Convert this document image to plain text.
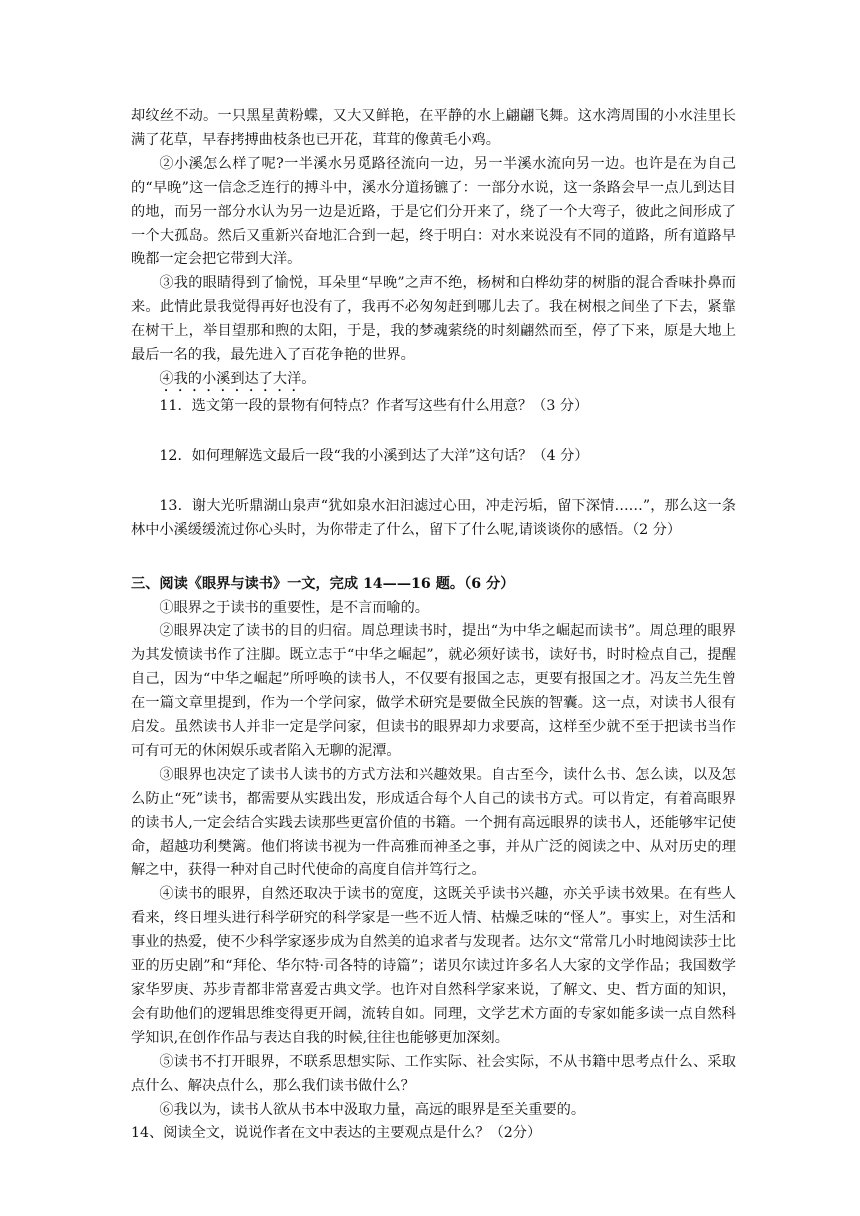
却纹丝不动。一只黑星黄粉蝶，又大又鲜艳，在平静的水上翩翩飞舞。这水湾周围的小水洼里长满了花草，早春拷搏曲枝条也已开花，茸茸的像黄毛小鸡。

②小溪怎么样了呢?一半溪水另觅路径流向一边，另一半溪水流向另一边。也许是在为自己的“早晚”这一信念乏连行的搏斗中，溪水分道扬镳了：一部分水说，这一条路会早一点儿到达目的地，而另一部分水认为另一边是近路，于是它们分开来了，绕了一个大弯子，彼此之间形成了一个大孤岛。然后又重新兴奋地汇合到一起，终于明白：对水来说没有不同的道路，所有道路早晚都一定会把它带到大洋。

③我的眼睛得到了愉悦，耳朵里“早晚”之声不绝，杨树和白桦幼芽的树脂的混合香味扑鼻而来。此情此景我觉得再好也没有了，我再不必匆匆赶到哪儿去了。我在树根之间坐了下去，紧靠在树干上，举目望那和煦的太阳，于是，我的梦魂萦绕的时刻翩然而至，停了下来，原是大地上最后一名的我，最先进入了百花争艳的世界。

④我的小溪到达了大洋。

11．选文第一段的景物有何特点？作者写这些有什么用意？（3 分）

12．如何理解选文最后一段“我的小溪到达了大洋”这句话？（4 分）

13．谢大光听鼎湖山泉声“犹如泉水汩汩滤过心田，冲走污垢，留下深情……”，那么这一条林中小溪缓缓流过你心头时，为你带走了什么，留下了什么呢,请谈谈你的感悟。（2 分）

三、阅读《眼界与读书》一文，完成 14——16 题。（6 分）

①眼界之于读书的重要性，是不言而喻的。

②眼界决定了读书的目的归宿。周总理读书时，提出“为中华之崛起而读书”。周总理的眼界为其发愤读书作了注脚。既立志于“中华之崛起”，就必须好读书，读好书，时时检点自己，提醒自己，因为“中华之崛起”所呼唤的读书人，不仅要有报国之志，更要有报国之才。冯友兰先生曾在一篇文章里提到，作为一个学问家，做学术研究是要做全民族的智囊。这一点，对读书人很有启发。虽然读书人并非一定是学问家，但读书的眼界却力求要高，这样至少就不至于把读书当作可有可无的休闲娱乐或者陷入无聊的泥潭。

③眼界也决定了读书人读书的方式方法和兴趣效果。自古至今，读什么书、怎么读，以及怎么防止“死”读书，都需要从实践出发，形成适合每个人自己的读书方式。可以肯定，有着高眼界的读书人,一定会结合实践去读那些更富价值的书籍。一个拥有高远眼界的读书人，还能够牢记使命，超越功利樊篱。他们将读书视为一件高雅而神圣之事，并从广泛的阅读之中、从对历史的理解之中，获得一种对自己时代使命的高度自信并笃行之。

④读书的眼界，自然还取决于读书的宽度，这既关乎读书兴趣，亦关乎读书效果。在有些人看来，终日埋头进行科学研究的科学家是一些不近人情、枯燥乏味的“怪人”。事实上，对生活和事业的热爱，使不少科学家逐步成为自然美的追求者与发现者。达尔文“常常几小时地阅读莎士比亚的历史剧”和“拜伦、华尔特·司各特的诗篇”；诺贝尔读过许多名人大家的文学作品；我国数学家华罗庚、苏步青都非常喜爱古典文学。也许对自然科学家来说，了解文、史、哲方面的知识，会有助他们的逻辑思维变得更开阔，流转自如。同理，文学艺术方面的专家如能多读一点自然科学知识,在创作作品与表达自我的时候,往往也能够更加深刻。

⑤读书不打开眼界，不联系思想实际、工作实际、社会实际，不从书籍中思考点什么、采取点什么、解决点什么，那么我们读书做什么？

⑥我以为，读书人欲从书本中汲取力量，高远的眼界是至关重要的。

14、阅读全文，说说作者在文中表达的主要观点是什么？（2分）
